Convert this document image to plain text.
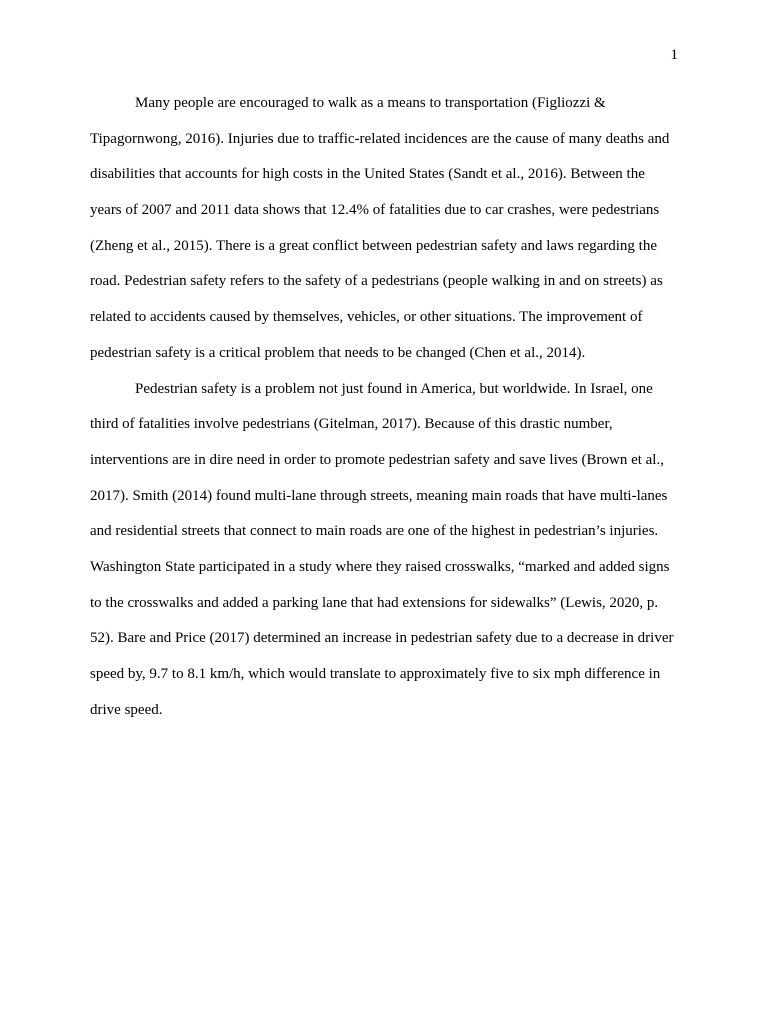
1
Many people are encouraged to walk as a means to transportation (Figliozzi &
Tipagornwong, 2016). Injuries due to traffic-related incidences are the cause of many deaths and
disabilities that accounts for high costs in the United States (Sandt et al., 2016). Between the
years of 2007 and 2011 data shows that 12.4% of fatalities due to car crashes, were pedestrians
(Zheng et al., 2015). There is a great conflict between pedestrian safety and laws regarding the
road. Pedestrian safety refers to the safety of a pedestrians (people walking in and on streets) as
related to accidents caused by themselves, vehicles, or other situations. The improvement of
pedestrian safety is a critical problem that needs to be changed (Chen et al., 2014).
Pedestrian safety is a problem not just found in America, but worldwide. In Israel, one
third of fatalities involve pedestrians (Gitelman, 2017). Because of this drastic number,
interventions are in dire need in order to promote pedestrian safety and save lives (Brown et al.,
2017). Smith (2014) found multi-lane through streets, meaning main roads that have multi-lanes
and residential streets that connect to main roads are one of the highest in pedestrian’s injuries.
Washington State participated in a study where they raised crosswalks, “marked and added signs
to the crosswalks and added a parking lane that had extensions for sidewalks” (Lewis, 2020, p.
52). Bare and Price (2017) determined an increase in pedestrian safety due to a decrease in driver
speed by, 9.7 to 8.1 km/h, which would translate to approximately five to six mph difference in
drive speed.
